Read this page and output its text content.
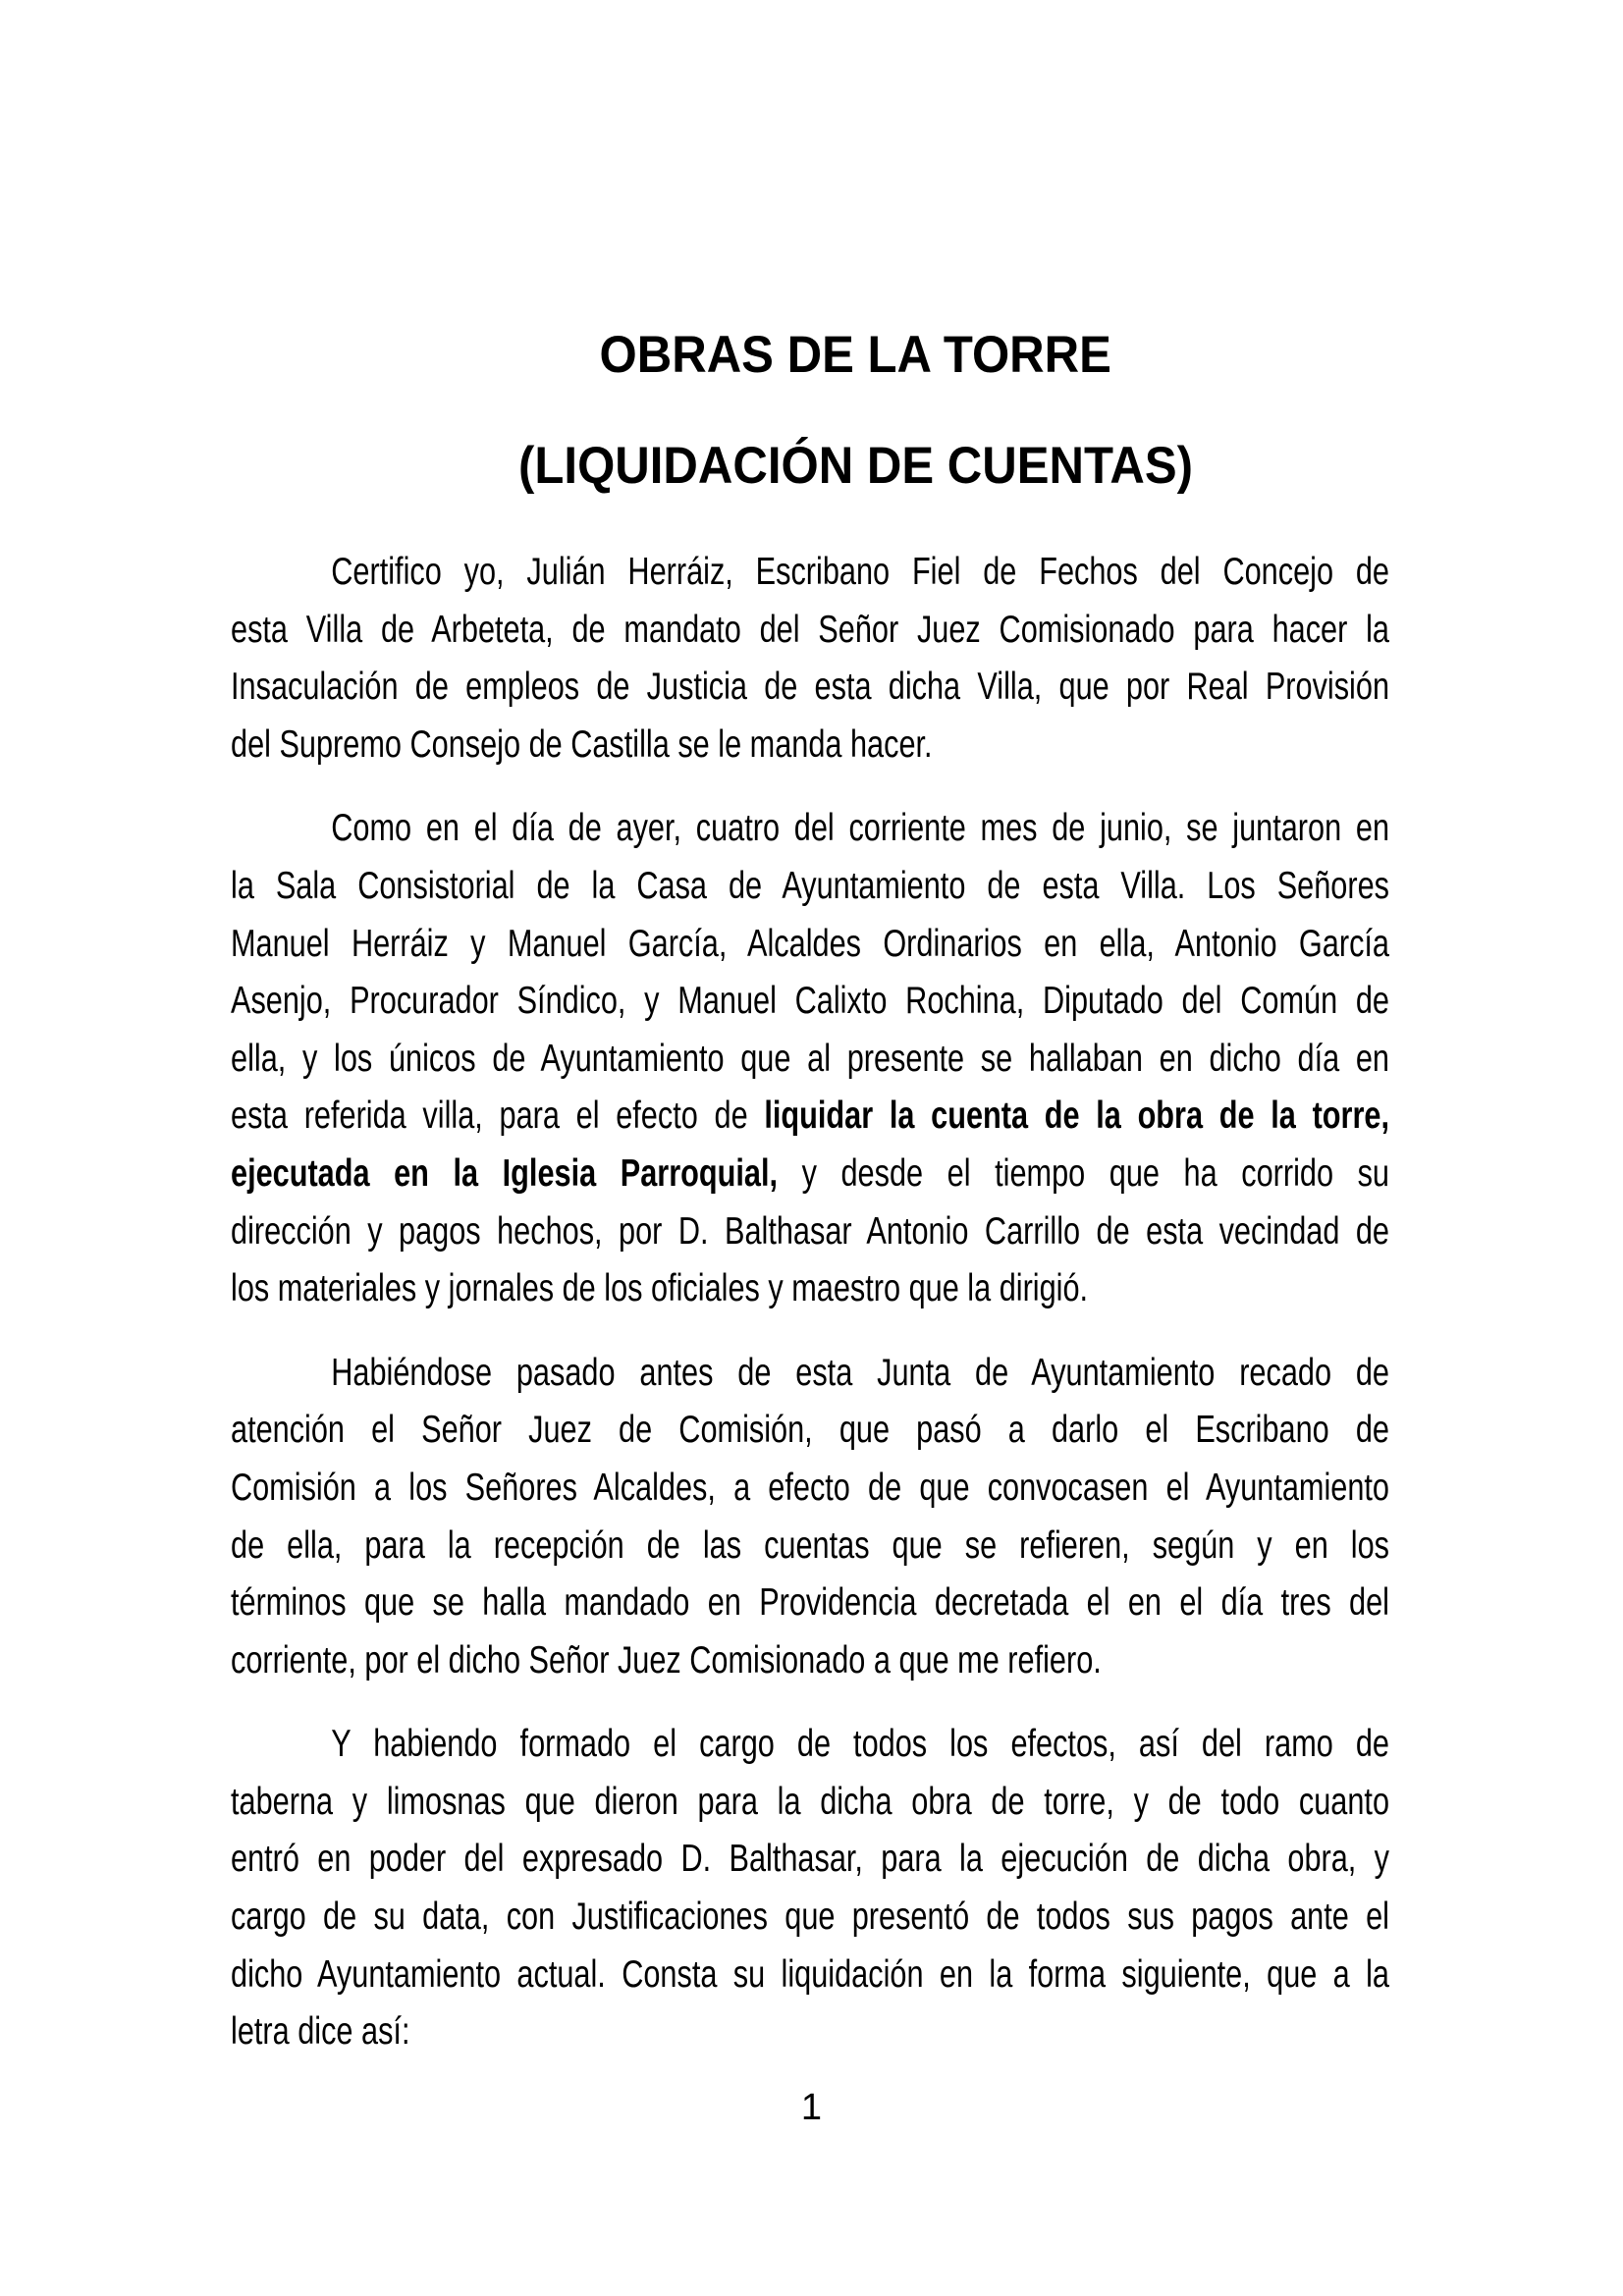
OBRAS DE LA TORRE
(LIQUIDACIÓN DE CUENTAS)
Certifico yo, Julián Herráiz, Escribano Fiel de Fechos del Concejo de
esta Villa de Arbeteta, de mandato del Señor Juez Comisionado para hacer la
Insaculación de empleos de Justicia de esta dicha Villa, que por Real Provisión
del Supremo Consejo de Castilla se le manda hacer.
Como en el día de ayer, cuatro del corriente mes de junio, se juntaron en
la Sala Consistorial de la Casa de Ayuntamiento de esta Villa. Los Señores
Manuel Herráiz y Manuel García, Alcaldes Ordinarios en ella, Antonio García
Asenjo, Procurador Síndico, y Manuel Calixto Rochina, Diputado del Común de
ella, y los únicos de Ayuntamiento que al presente se hallaban en dicho día en
esta referida villa, para el efecto de liquidar la cuenta de la obra de la torre,
ejecutada en la Iglesia Parroquial, y desde el tiempo que ha corrido su
dirección y pagos hechos, por D. Balthasar Antonio Carrillo de esta vecindad de
los materiales y jornales de los oficiales y maestro que la dirigió.
Habiéndose pasado antes de esta Junta de Ayuntamiento recado de
atención el Señor Juez de Comisión, que pasó a darlo el Escribano de
Comisión a los Señores Alcaldes, a efecto de que convocasen el Ayuntamiento
de ella, para la recepción de las cuentas que se refieren, según y en los
términos que se halla mandado en Providencia decretada el en el día tres del
corriente, por el dicho Señor Juez Comisionado a que me refiero.
Y habiendo formado el cargo de todos los efectos, así del ramo de
taberna y limosnas que dieron para la dicha obra de torre, y de todo cuanto
entró en poder del expresado D. Balthasar, para la ejecución de dicha obra, y
cargo de su data, con Justificaciones que presentó de todos sus pagos ante el
dicho Ayuntamiento actual. Consta su liquidación en la forma siguiente, que a la
letra dice así:
1
